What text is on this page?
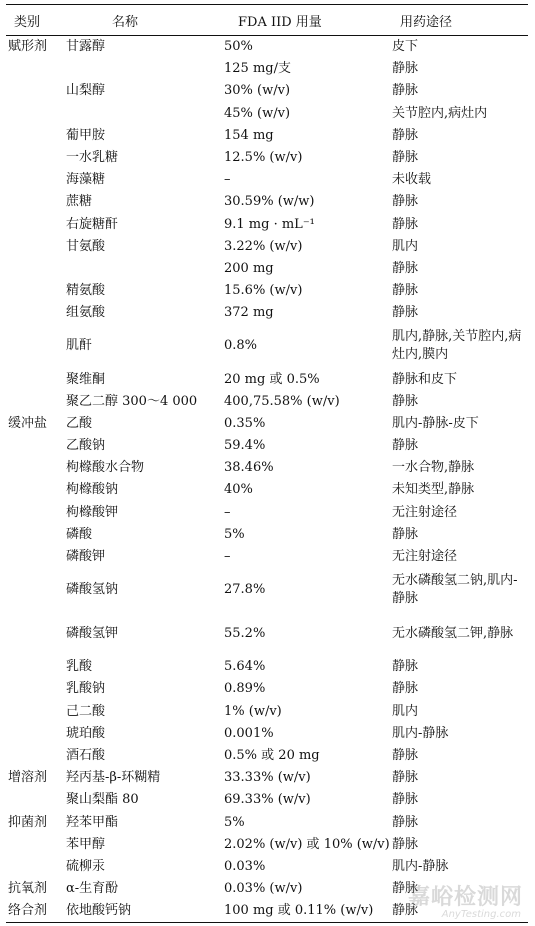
类别	名称	FDA IID 用量	用药途径
赋形剂	甘露醇	50%	皮下
		125 mg/支	静脉
	山梨醇	30% (w/v)	静脉
		45% (w/v)	关节腔内,病灶内
	葡甲胺	154 mg	静脉
	一水乳糖	12.5% (w/v)	静脉
	海藻糖	–	未收载
	蔗糖	30.59% (w/w)	静脉
	右旋糖酐	9.1 mg · mL⁻¹	静脉
	甘氨酸	3.22% (w/v)	肌内
		200 mg	静脉
	精氨酸	15.6% (w/v)	静脉
	组氨酸	372 mg	静脉
	肌酐	0.8%	肌内,静脉,关节腔内,病灶内,膜内
	聚维酮	20 mg 或 0.5%	静脉和皮下
	聚乙二醇 300～4 000	400,75.58% (w/v)	静脉
缓冲盐	乙酸	0.35%	肌内-静脉-皮下
	乙酸钠	59.4%	静脉
	枸橼酸水合物	38.46%	一水合物,静脉
	枸橼酸钠	40%	未知类型,静脉
	枸橼酸钾	–	无注射途径
	磷酸	5%	静脉
	磷酸钾	–	无注射途径
	磷酸氢钠	27.8%	无水磷酸氢二钠,肌内-静脉
	磷酸氢钾	55.2%	无水磷酸氢二钾,静脉
	乳酸	5.64%	静脉
	乳酸钠	0.89%	静脉
	己二酸	1% (w/v)	肌内
	琥珀酸	0.001%	肌内-静脉
	酒石酸	0.5% 或 20 mg	静脉
增溶剂	羟丙基-β-环糊精	33.33% (w/v)	静脉
	聚山梨酯 80	69.33% (w/v)	静脉
抑菌剂	羟苯甲酯	5%	静脉
	苯甲醇	2.02% (w/v) 或 10% (w/v)	静脉
	硫柳汞	0.03%	肌内-静脉
抗氧剂	α-生育酚	0.03% (w/v)	静脉
络合剂	依地酸钙钠	100 mg 或 0.11% (w/v)	静脉
嘉峪检测网
AnyTesting.com
